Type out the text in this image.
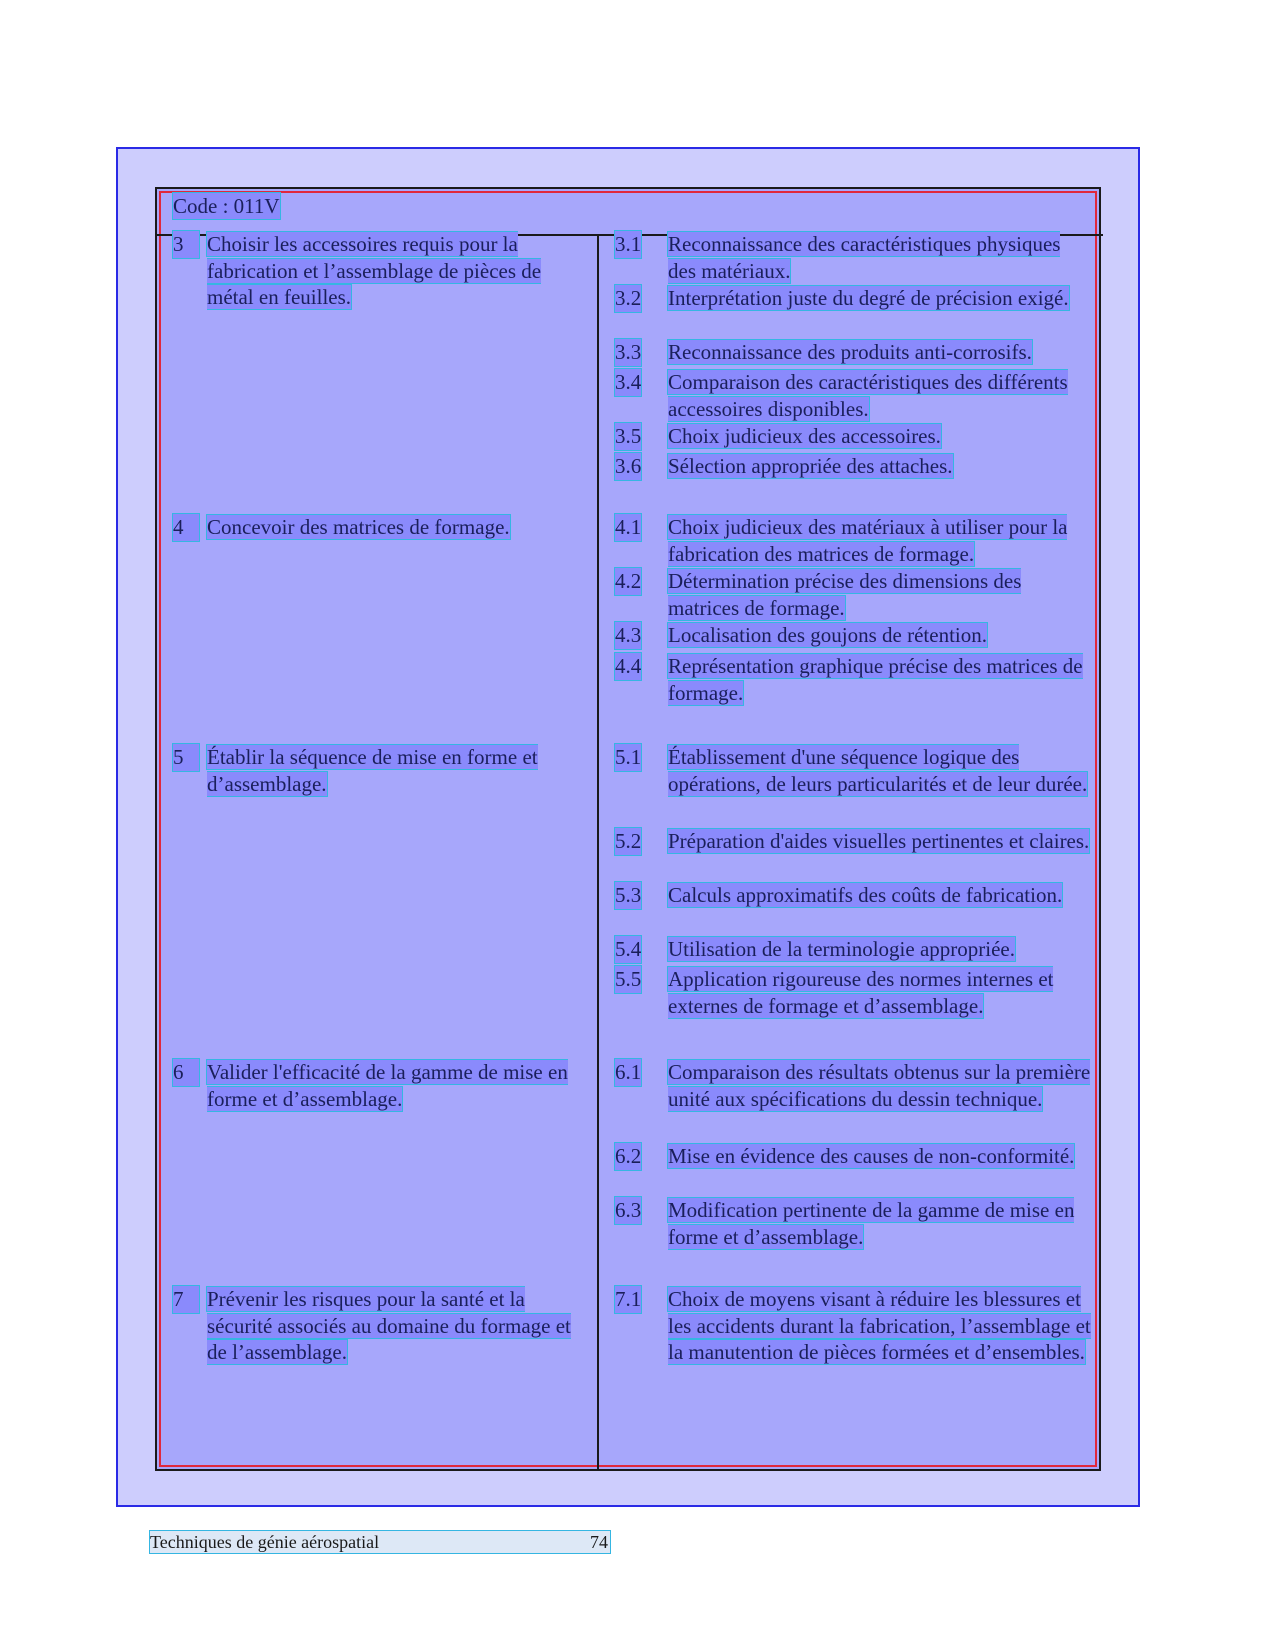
Code : 011V
3	Choisir les accessoires requis pour la fabrication et l’assemblage de pièces de métal en feuilles.
3.1 Reconnaissance des caractéristiques physiques des matériaux.
3.2 Interprétation juste du degré de précision exigé.
3.3 Reconnaissance des produits anti-corrosifs.
3.4 Comparaison des caractéristiques des différents accessoires disponibles.
3.5 Choix judicieux des accessoires.
3.6 Sélection appropriée des attaches.
4	Concevoir des matrices de formage.	4.1 Choix judicieux des matériaux à utiliser pour la fabrication des matrices de formage.
4.2 Détermination précise des dimensions des matrices de formage.
4.3 Localisation des goujons de rétention.
4.4 Représentation graphique précise des matrices de formage.
5	Établir la séquence de mise en forme et d’assemblage.
5.1 Établissement d'une séquence logique des opérations, de leurs particularités et de leur durée.
5.2 Préparation d'aides visuelles pertinentes et claires.
5.3 Calculs approximatifs des coûts de fabrication.
5.4 Utilisation de la terminologie appropriée.
5.5 Application rigoureuse des normes internes et externes de formage et d’assemblage.
6	Valider l'efficacité de la gamme de mise en forme et d’assemblage.
6.1 Comparaison des résultats obtenus sur la première unité aux spécifications du dessin technique.
6.2 Mise en évidence des causes de non-conformité.
6.3 Modification pertinente de la gamme de mise en forme et d’assemblage.
7	Prévenir les risques pour la santé et la sécurité associés au domaine du formage et de l’assemblage.
7.1 Choix de moyens visant à réduire les blessures et les accidents durant la fabrication, l’assemblage et la manutention de pièces formées et d’ensembles.
Techniques de génie aérospatial	74
